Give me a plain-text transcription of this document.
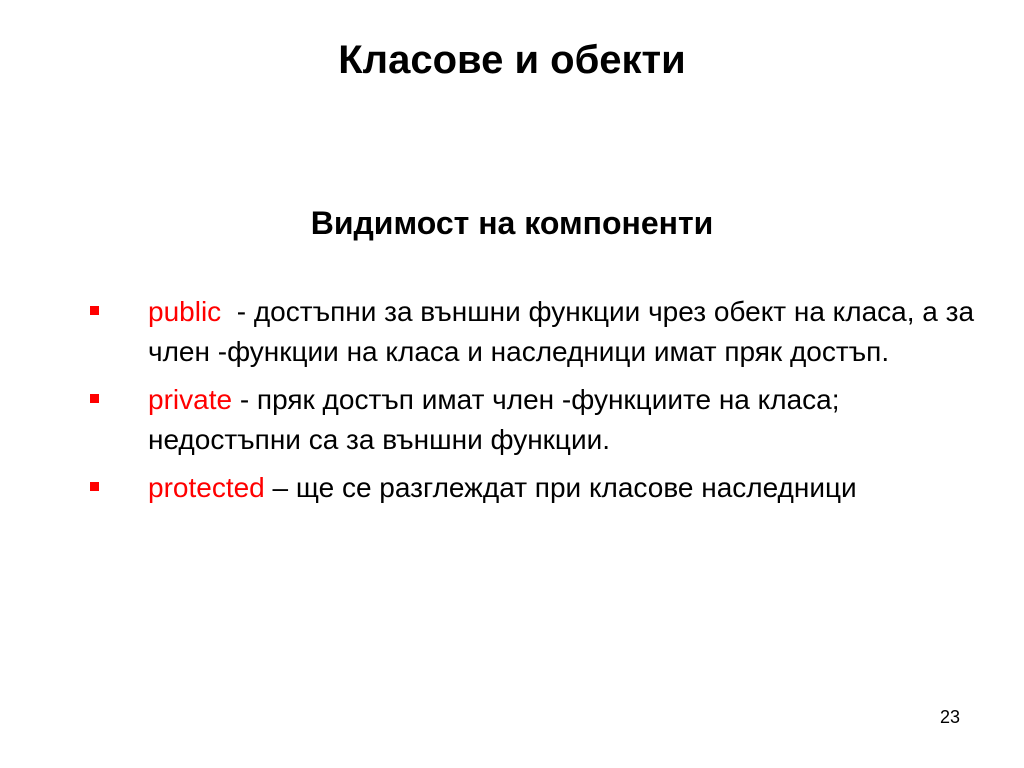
Класове и обекти
Видимост на компоненти
public  - достъпни за външни функции чрез обект на класа, а за член -функции на класа и наследници имат пряк достъп.
private - пряк достъп имат член -функциите на класа; недостъпни са за външни функции.
protected – ще се разглеждат при класове наследници
23
